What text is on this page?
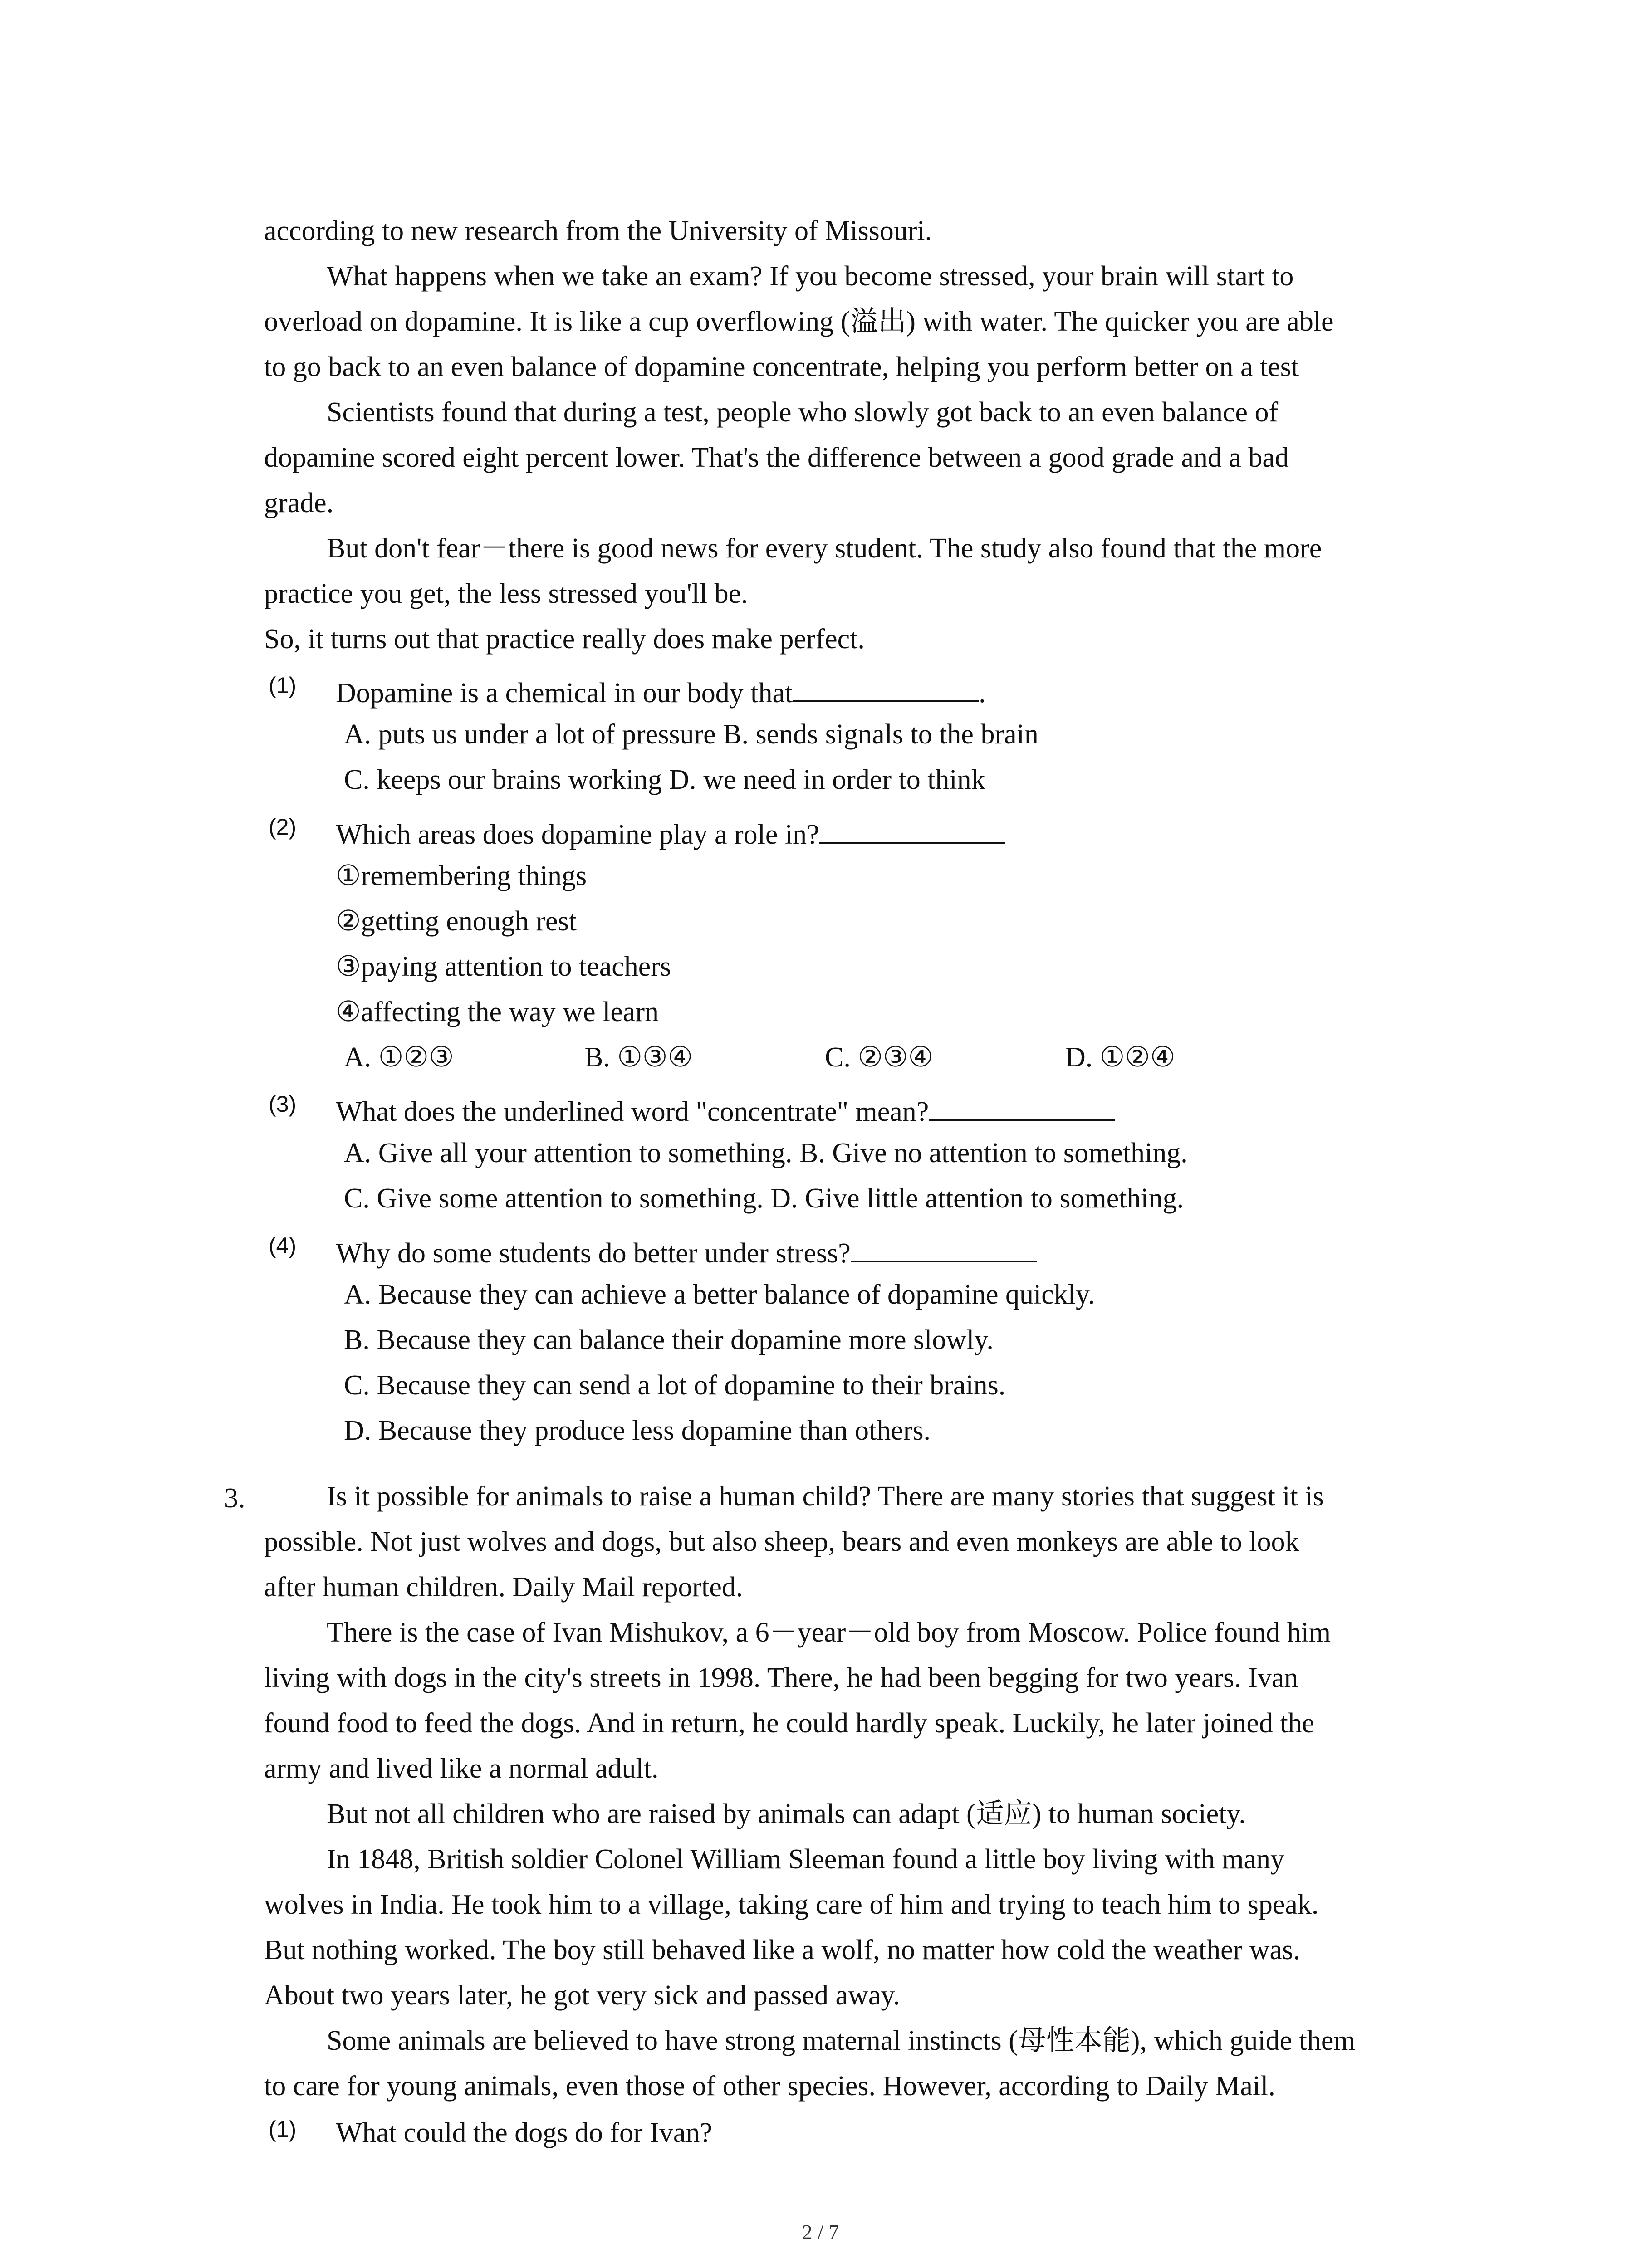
according to new research from the University of Missouri.
What happens when we take an exam? If you become stressed, your brain will start to
overload on dopamine. It is like a cup overflowing (溢出) with water. The quicker you are able
to go back to an even balance of dopamine concentrate, helping you perform better on a test
Scientists found that during a test, people who slowly got back to an even balance of
dopamine scored eight percent lower. That's the difference between a good grade and a bad
grade.
But don't fear－there is good news for every student. The study also found that the more
practice you get, the less stressed you'll be.
So, it turns out that practice really does make perfect.
(1) Dopamine is a chemical in our body that	.
A. puts us under a lot of pressure B. sends signals to the brain
C. keeps our brains working D. we need in order to think
(2) Which areas does dopamine play a role in?
①remembering things
②getting enough rest
③paying attention to teachers
④affecting the way we learn
A. ①②③	B. ①③④	C. ②③④	D. ①②④
(3) What does the underlined word "concentrate" mean?
A. Give all your attention to something. B. Give no attention to something.
C. Give some attention to something. D. Give little attention to something.
(4) Why do some students do better under stress?
A. Because they can achieve a better balance of dopamine quickly.
B. Because they can balance their dopamine more slowly.
C. Because they can send a lot of dopamine to their brains.
D. Because they produce less dopamine than others.
3.	Is it possible for animals to raise a human child? There are many stories that suggest it is
possible. Not just wolves and dogs, but also sheep, bears and even monkeys are able to look
after human children. Daily Mail reported.
There is the case of Ivan Mishukov, a 6－year－old boy from Moscow. Police found him
living with dogs in the city's streets in 1998. There, he had been begging for two years. Ivan
found food to feed the dogs. And in return, he could hardly speak. Luckily, he later joined the
army and lived like a normal adult.
But not all children who are raised by animals can adapt (适应) to human society.
In 1848, British soldier Colonel William Sleeman found a little boy living with many
wolves in India. He took him to a village, taking care of him and trying to teach him to speak.
But nothing worked. The boy still behaved like a wolf, no matter how cold the weather was.
About two years later, he got very sick and passed away.
Some animals are believed to have strong maternal instincts (母性本能), which guide them
to care for young animals, even those of other species. However, according to Daily Mail.
(1) What could the dogs do for Ivan?
2 / 7
